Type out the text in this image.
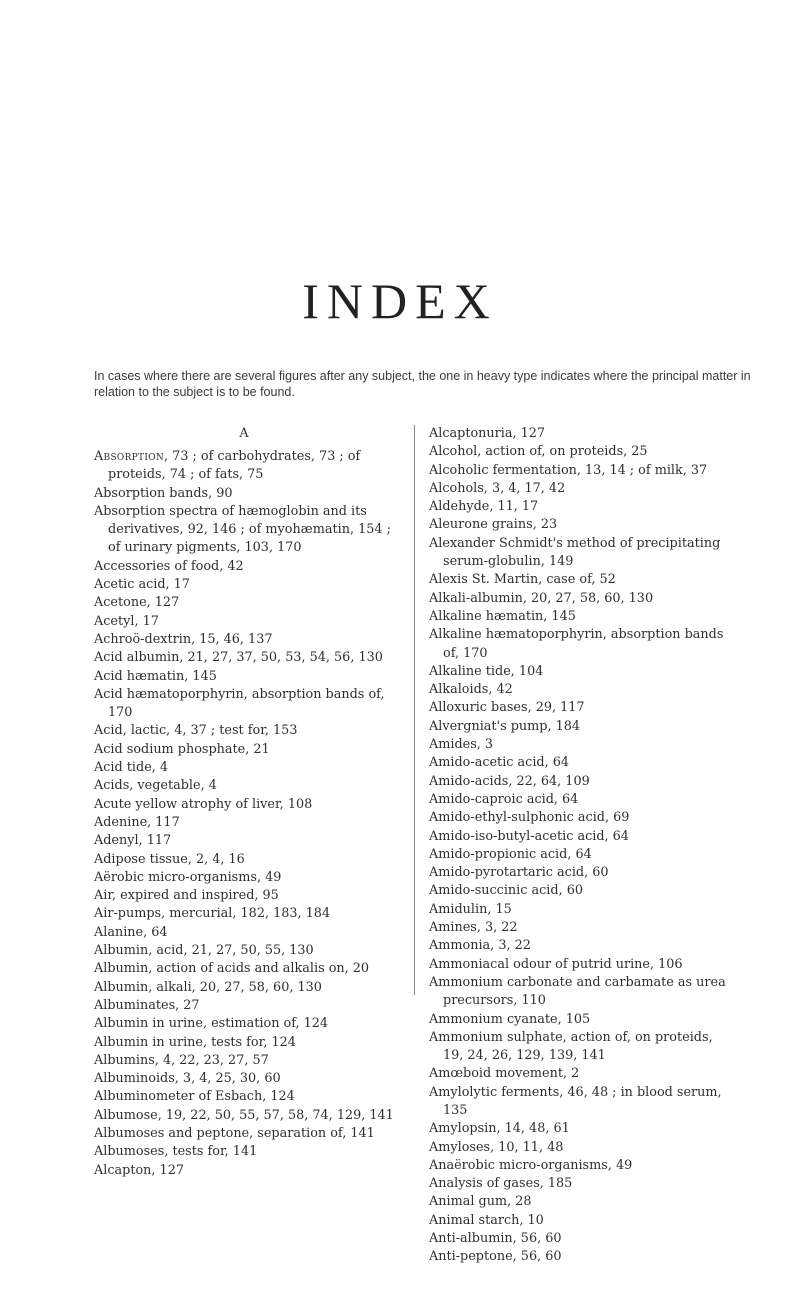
INDEX

In cases where there are several figures after any subject, the one in heavy type indicates where the principal matter in relation to the subject is to be found.

A
Absorption, 73 ; of carbohydrates, 73 ; of proteids, 74 ; of fats, 75
Absorption bands, 90
Absorption spectra of hæmoglobin and its derivatives, 92, 146 ; of myohæmatin, 154 ; of urinary pigments, 103, 170
Accessories of food, 42
Acetic acid, 17
Acetone, 127
Acetyl, 17
Achroö-dextrin, 15, 46, 137
Acid albumin, 21, 27, 37, 50, 53, 54, 56, 130
Acid hæmatin, 145
Acid hæmatoporphyrin, absorption bands of, 170
Acid, lactic, 4, 37 ; test for, 153
Acid sodium phosphate, 21
Acid tide, 4
Acids, vegetable, 4
Acute yellow atrophy of liver, 108
Adenine, 117
Adenyl, 117
Adipose tissue, 2, 4, 16
Aërobic micro-organisms, 49
Air, expired and inspired, 95
Air-pumps, mercurial, 182, 183, 184
Alanine, 64
Albumin, acid, 21, 27, 50, 55, 130
Albumin, action of acids and alkalis on, 20
Albumin, alkali, 20, 27, 58, 60, 130
Albuminates, 27
Albumin in urine, estimation of, 124
Albumin in urine, tests for, 124
Albumins, 4, 22, 23, 27, 57
Albuminoids, 3, 4, 25, 30, 60
Albuminometer of Esbach, 124
Albumose, 19, 22, 50, 55, 57, 58, 74, 129, 141
Albumoses and peptone, separation of, 141
Albumoses, tests for, 141
Alcapton, 127
Alcaptonuria, 127
Alcohol, action of, on proteids, 25
Alcoholic fermentation, 13, 14 ; of milk, 37
Alcohols, 3, 4, 17, 42
Aldehyde, 11, 17
Aleurone grains, 23
Alexander Schmidt's method of precipitating serum-globulin, 149
Alexis St. Martin, case of, 52
Alkali-albumin, 20, 27, 58, 60, 130
Alkaline hæmatin, 145
Alkaline hæmatoporphyrin, absorption bands of, 170
Alkaline tide, 104
Alkaloids, 42
Alloxuric bases, 29, 117
Alvergniat's pump, 184
Amides, 3
Amido-acetic acid, 64
Amido-acids, 22, 64, 109
Amido-caproic acid, 64
Amido-ethyl-sulphonic acid, 69
Amido-iso-butyl-acetic acid, 64
Amido-propionic acid, 64
Amido-pyrotartaric acid, 60
Amido-succinic acid, 60
Amidulin, 15
Amines, 3, 22
Ammonia, 3, 22
Ammoniacal odour of putrid urine, 106
Ammonium carbonate and carbamate as urea precursors, 110
Ammonium cyanate, 105
Ammonium sulphate, action of, on proteids, 19, 24, 26, 129, 139, 141
Amœboid movement, 2
Amylolytic ferments, 46, 48 ; in blood serum, 135
Amylopsin, 14, 48, 61
Amyloses, 10, 11, 48
Anaërobic micro-organisms, 49
Analysis of gases, 185
Animal gum, 28
Animal starch, 10
Anti-albumin, 56, 60
Anti-peptone, 56, 60
